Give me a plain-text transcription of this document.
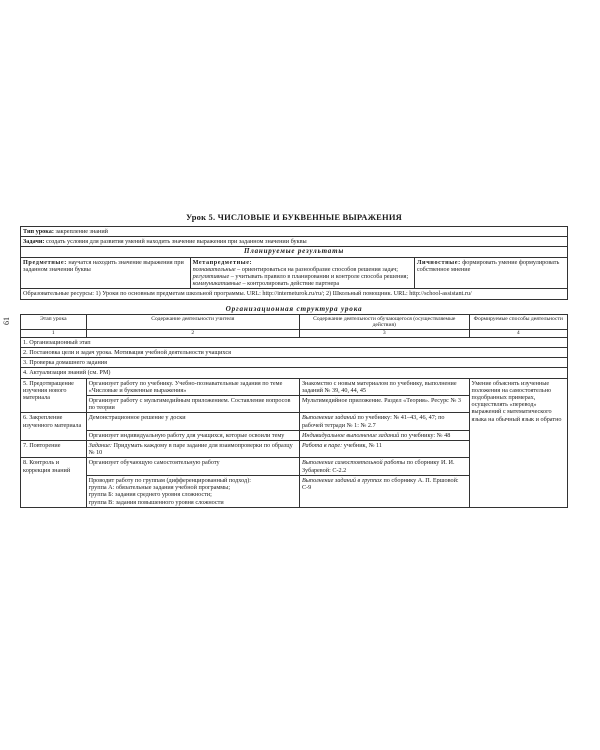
61
Урок 5. ЧИСЛОВЫЕ И БУКВЕННЫЕ ВЫРАЖЕНИЯ
Тип урока: закрепление знаний
Задачи: создать условия для развития умений находить значение выражения при заданном значении буквы
Планируемые результаты
Предметные: научатся находить значение выражения при заданном значении буквы	
Метапредметные:
познавательные – ориентироваться на разнообразие способов решения задач;
регулятивные – учитывать правило в планировании и контроле способа решения;
коммуникативные – контролировать действие партнера
	Личностные: формировать умение формулировать собственное мнение
Образовательные ресурсы: 1) Уроки по основным предметам школьной программы. URL: http://interneturok.ru/ru/; 2) Школьный помощник. URL: http://school-assistant.ru/
Организационная структура урока
Этап урока	Содержание деятельности учителя	Содержание деятельности обучающегося (осуществляемые действия)	Формируемые способы деятельности
1	2	3	4
1. Организационный этап			
2. Постановка цели и задач урока. Мотивация учебной деятельности учащихся			
3. Проверка домашнего задания			
4. Актуализация знаний (см. РМ)			
5. Предотвращение изучения нового материала	Организует работу по учебнику. Учебно-познавательные задания по теме «Числовые и буквенные выражения»	Знакомство с новым материалом по учебнику, выполнение заданий № 39, 40, 44, 45	Умение объяснять изученные положения на самостоятельно подобранных примерах, осуществлять «перевод» выражений с математического языка на обычный язык и обратно
	Организует работу с мультимедийным приложением. Составление вопросов по теории	Мультимедийное приложение. Раздел «Теория». Ресурс № 3	
6. Закрепление изученного материала	Демонстрационное решение у доски	Выполнение заданий по учебнику: № 41–43, 46, 47; по рабочей тетради № 1: № 2.7	
	Организует индивидуальную работу для учащихся, которые освоили тему	Индивидуальное выполнение заданий по учебнику: № 48	
7. Повторение	Задание: Придумать каждому в паре задание для взаимопроверки по образцу № 10	Работа в паре: учебник, № 11	
8. Контроль и коррекция знаний	Организует обучающую самостоятельную работу	Выполнение самостоятельной работы по сборнику И. И. Зубаревой: С-2.2	

	Проводит работу по группам (дифференцированный подход):
группа А: обязательные задания учебной программы;
группа Б: задания среднего уровня сложности;
группа В: задания повышенного уровня сложности	Выполнение заданий в группах по сборнику А. П. Ершовой: С-9	
